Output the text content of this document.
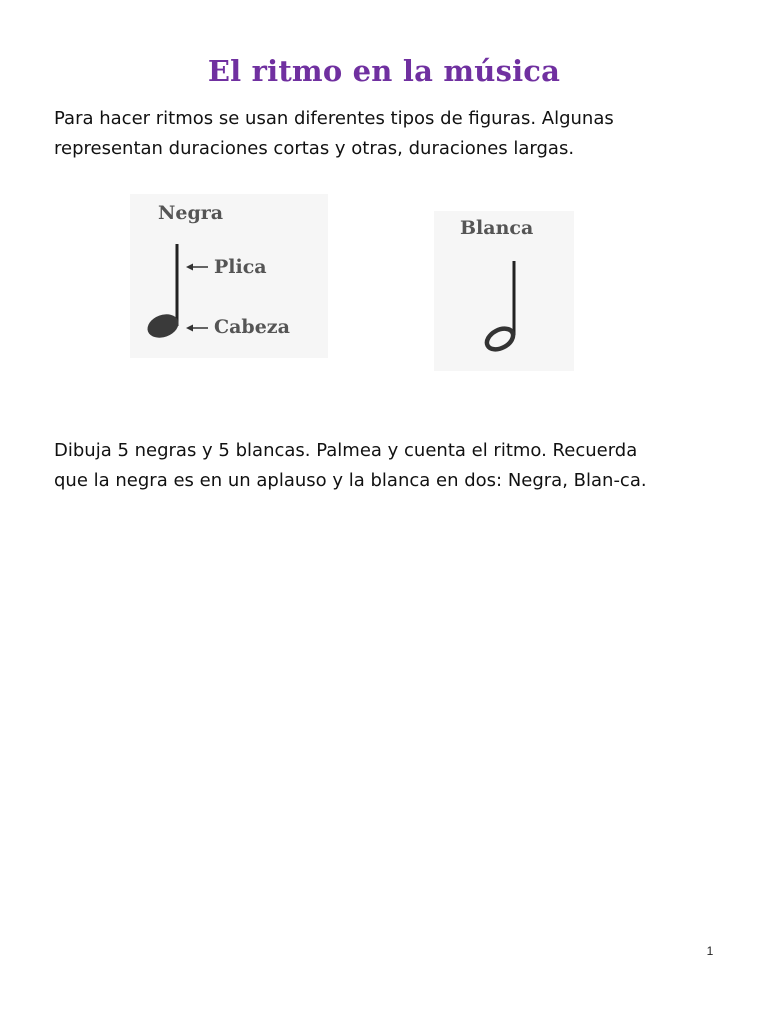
El ritmo en la música
Para hacer ritmos se usan diferentes tipos de figuras. Algunas
representan duraciones cortas y otras, duraciones largas.
Negra
Plica
Cabeza
Blanca
Dibuja 5 negras y 5 blancas. Palmea y cuenta el ritmo. Recuerda
que la negra es en un aplauso y la blanca en dos: Negra, Blan-ca.
1
